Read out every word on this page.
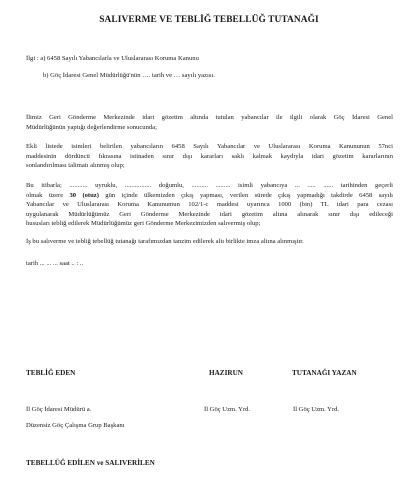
SALIVERME VE TEBLİĞ TEBELLÜĞ TUTANAĞI
İlgi : a) 6458 Sayılı Yabancılarla ve Uluslararası Koruma Kanunu
b) Göç İdaresi Genel Müdürlüğü'nün …. tarih ve … sayılı yazısı.
İlimiz Geri Gönderme Merkezinde idari gözetim altında tutulan yabancılar ile ilgili olarak Göç İdaresi Genel
Müdürlüğünün yaptığı değerlendirme sonucunda;
Ekli listede isimleri belirilen yabancıların 6458 Sayılı Yabancılar ve Uluslararası Koruma Kanununun 57nci
maddesinin dördüncü fıkrasına istinaden sınır dışı kararları saklı kalmak kaydıyla idari gözetim kararlarının
sonlandırılması talimatı alınmış olup;
Bu itibarla; ........... uyruklu, ................ doğumlu, .......... ......... isimli yabancıya ... ..... ...... tarihinden geçerli
olmak üzere 30 (otuz) gün içinde ülkemizden çıkış yapması, verilen sürede çıkış yapmadığı takdirde 6458 sayılı
Yabancılar ve Uluslararası Koruma Kanunumun 102/1-c maddesi uyarınca 1000 (bin) TL idari para cezası
uygulanarak Müdürlüğümüz Geri Gönderme Merkezinde idari gözetim altına alınarak sınır dışı edileceği
hususları tebliğ edilerek Müdürlüğümüz geri Gönderme Merkezimizden salıvermiş olup;
İş bu salıverme ve tebliğ tebellüğ tutanağı tarafımızdan tanzim edilerek altı birlikte imza altına alınmıştır.
tarih ... ... ... saat .. : ..
TEBLİĞ EDEN	HAZIRUN	TUTANAĞI YAZAN
İl Göç İdaresi Müdürü a.	İl Göç Uzm. Yrd.	İl Göç Uzm. Yrd.
Düzensiz Göç Çalışma Grup Başkanı
TEBELLÜĞ EDİLEN ve SALIVERİLEN
